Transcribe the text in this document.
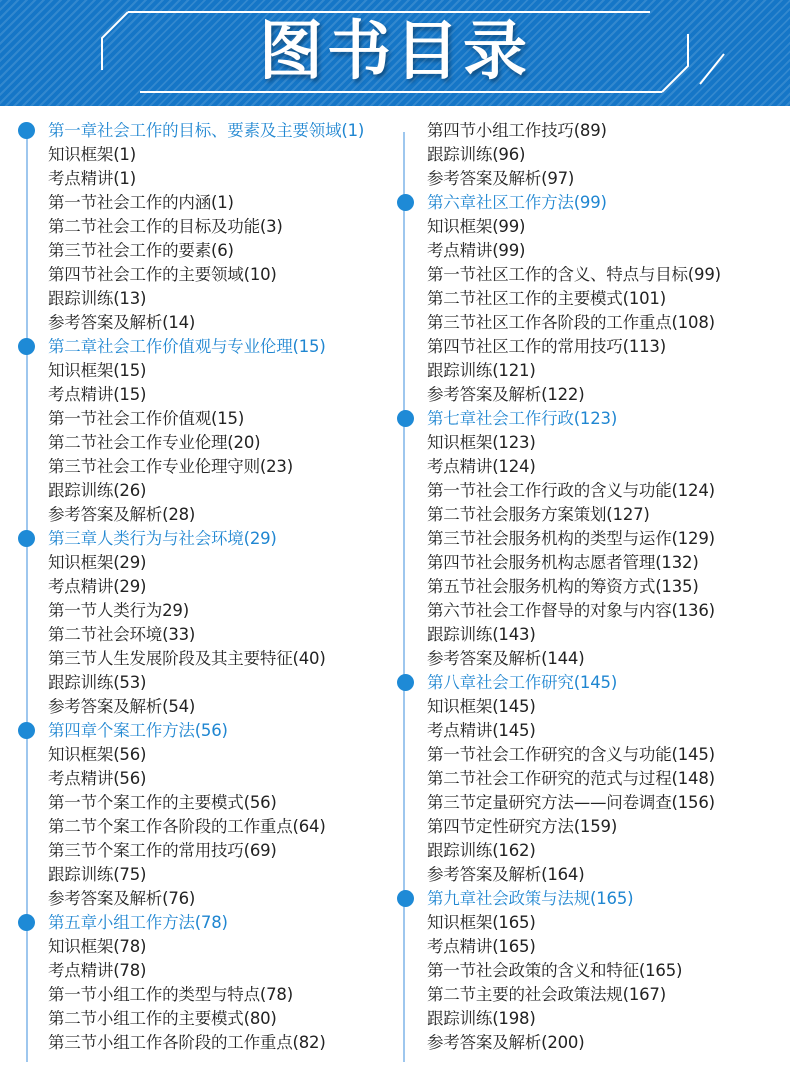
图书目录
第一章社会工作的目标、要素及主要领域(1)
知识框架(1)
考点精讲(1)
第一节社会工作的内涵(1)
第二节社会工作的目标及功能(3)
第三节社会工作的要素(6)
第四节社会工作的主要领域(10)
跟踪训练(13)
参考答案及解析(14)
第二章社会工作价值观与专业伦理(15)
知识框架(15)
考点精讲(15)
第一节社会工作价值观(15)
第二节社会工作专业伦理(20)
第三节社会工作专业伦理守则(23)
跟踪训练(26)
参考答案及解析(28)
第三章人类行为与社会环境(29)
知识框架(29)
考点精讲(29)
第一节人类行为29)
第二节社会环境(33)
第三节人生发展阶段及其主要特征(40)
跟踪训练(53)
参考答案及解析(54)
第四章个案工作方法(56)
知识框架(56)
考点精讲(56)
第一节个案工作的主要模式(56)
第二节个案工作各阶段的工作重点(64)
第三节个案工作的常用技巧(69)
跟踪训练(75)
参考答案及解析(76)
第五章小组工作方法(78)
知识框架(78)
考点精讲(78)
第一节小组工作的类型与特点(78)
第二节小组工作的主要模式(80)
第三节小组工作各阶段的工作重点(82)
第四节小组工作技巧(89)
跟踪训练(96)
参考答案及解析(97)
第六章社区工作方法(99)
知识框架(99)
考点精讲(99)
第一节社区工作的含义、特点与目标(99)
第二节社区工作的主要模式(101)
第三节社区工作各阶段的工作重点(108)
第四节社区工作的常用技巧(113)
跟踪训练(121)
参考答案及解析(122)
第七章社会工作行政(123)
知识框架(123)
考点精讲(124)
第一节社会工作行政的含义与功能(124)
第二节社会服务方案策划(127)
第三节社会服务机构的类型与运作(129)
第四节社会服务机构志愿者管理(132)
第五节社会服务机构的筹资方式(135)
第六节社会工作督导的对象与内容(136)
跟踪训练(143)
参考答案及解析(144)
第八章社会工作研究(145)
知识框架(145)
考点精讲(145)
第一节社会工作研究的含义与功能(145)
第二节社会工作研究的范式与过程(148)
第三节定量研究方法——问卷调查(156)
第四节定性研究方法(159)
跟踪训练(162)
参考答案及解析(164)
第九章社会政策与法规(165)
知识框架(165)
考点精讲(165)
第一节社会政策的含义和特征(165)
第二节主要的社会政策法规(167)
跟踪训练(198)
参考答案及解析(200)
